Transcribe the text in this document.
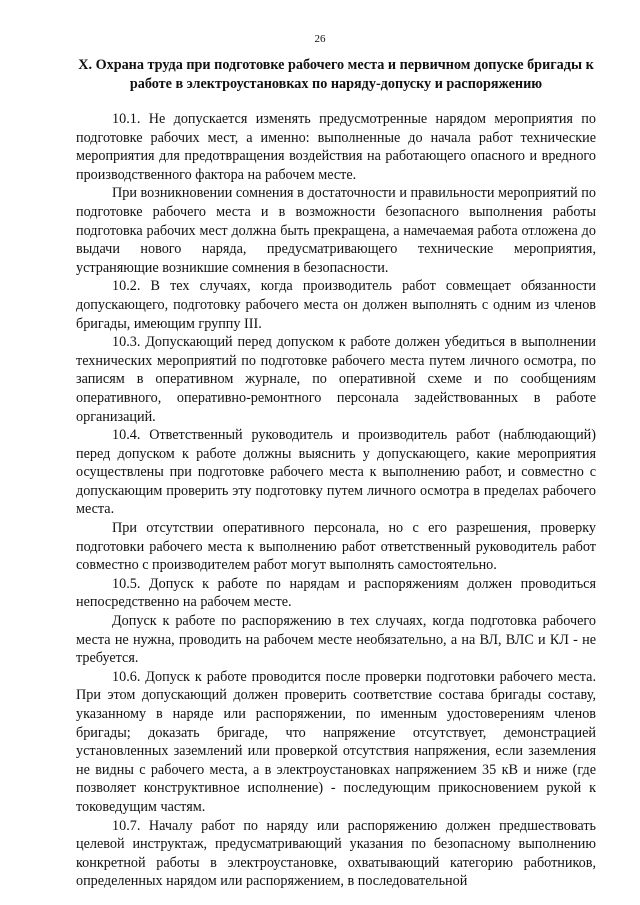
26
Х. Охрана труда при подготовке рабочего места и первичном допуске бригады к работе в электроустановках по наряду-допуску и распоряжению

10.1. Не допускается изменять предусмотренные нарядом мероприятия по подготовке рабочих мест, а именно: выполненные до начала работ технические мероприятия для предотвращения воздействия на работающего опасного и вредного производственного фактора на рабочем месте.

При возникновении сомнения в достаточности и правильности мероприятий по подготовке рабочего места и в возможности безопасного выполнения работы подготовка рабочих мест должна быть прекращена, а намечаемая работа отложена до выдачи нового наряда, предусматривающего технические мероприятия, устраняющие возникшие сомнения в безопасности.

10.2. В тех случаях, когда производитель работ совмещает обязанности допускающего, подготовку рабочего места он должен выполнять с одним из членов бригады, имеющим группу III.

10.3. Допускающий перед допуском к работе должен убедиться в выполнении технических мероприятий по подготовке рабочего места путем личного осмотра, по записям в оперативном журнале, по оперативной схеме и по сообщениям оперативного, оперативно-ремонтного персонала задействованных в работе организаций.

10.4. Ответственный руководитель и производитель работ (наблюдающий) перед допуском к работе должны выяснить у допускающего, какие мероприятия осуществлены при подготовке рабочего места к выполнению работ, и совместно с допускающим проверить эту подготовку путем личного осмотра в пределах рабочего места.

При отсутствии оперативного персонала, но с его разрешения, проверку подготовки рабочего места к выполнению работ ответственный руководитель работ совместно с производителем работ могут выполнять самостоятельно.

10.5. Допуск к работе по нарядам и распоряжениям должен проводиться непосредственно на рабочем месте.

Допуск к работе по распоряжению в тех случаях, когда подготовка рабочего места не нужна, проводить на рабочем месте необязательно, а на ВЛ, ВЛС и КЛ - не требуется.

10.6. Допуск к работе проводится после проверки подготовки рабочего места. При этом допускающий должен проверить соответствие состава бригады составу, указанному в наряде или распоряжении, по именным удостоверениям членов бригады; доказать бригаде, что напряжение отсутствует, демонстрацией установленных заземлений или проверкой отсутствия напряжения, если заземления не видны с рабочего места, а в электроустановках напряжением 35 кВ и ниже (где позволяет конструктивное исполнение) - последующим прикосновением рукой к токоведущим частям.

10.7. Началу работ по наряду или распоряжению должен предшествовать целевой инструктаж, предусматривающий указания по безопасному выполнению конкретной работы в электроустановке, охватывающий категорию работников, определенных нарядом или распоряжением, в последовательной
